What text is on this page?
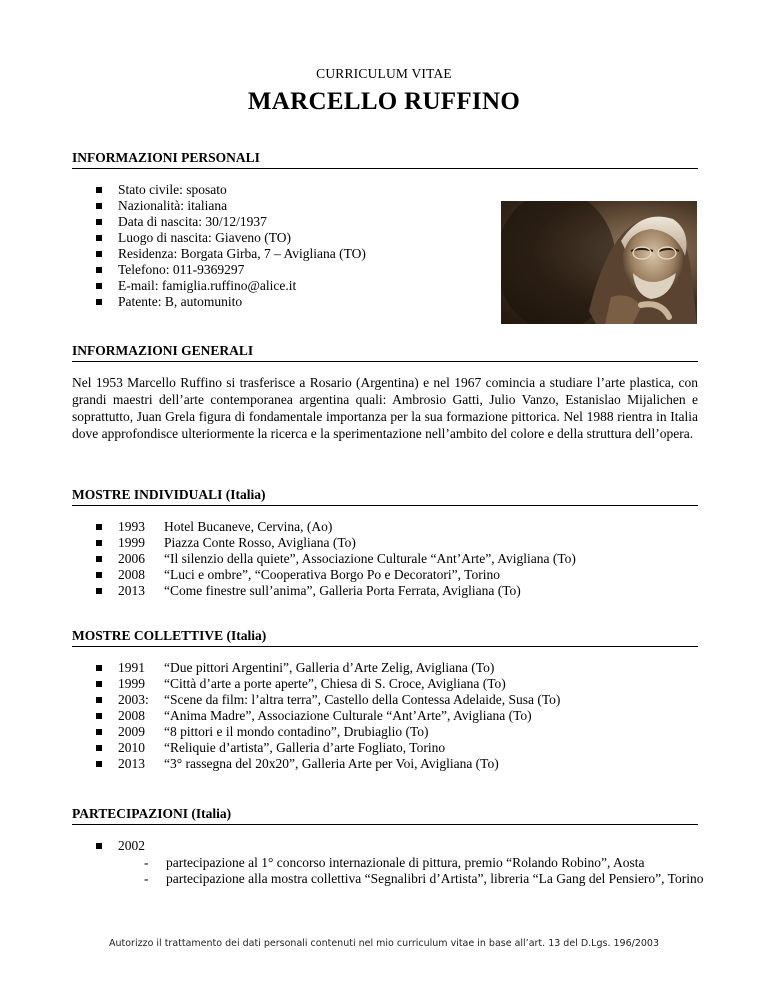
CURRICULUM VITAE
MARCELLO RUFFINO
INFORMAZIONI PERSONALI
Stato civile: sposato
Nazionalità: italiana
Data di nascita: 30/12/1937
Luogo di nascita: Giaveno (TO)
Residenza: Borgata Girba, 7 – Avigliana (TO)
Telefono: 011-9369297
E-mail: famiglia.ruffino@alice.it
Patente: B, automunito
INFORMAZIONI GENERALI

Nel 1953 Marcello Ruffino si trasferisce a Rosario (Argentina) e nel 1967 comincia a studiare l’arte plastica, con grandi maestri dell’arte contemporanea argentina quali: Ambrosio Gatti, Julio Vanzo, Estanislao Mijalichen e soprattutto, Juan Grela figura di fondamentale importanza per la sua formazione pittorica. Nel 1988 rientra in Italia dove approfondisce ulteriormente la ricerca e la sperimentazione nell’ambito del colore e della struttura dell’opera.

MOSTRE INDIVIDUALI (Italia)
1993 Hotel Bucaneve, Cervina, (Ao)
1999 Piazza Conte Rosso, Avigliana (To)
2006 “Il silenzio della quiete”, Associazione Culturale “Ant’Arte”, Avigliana (To)
2008 “Luci e ombre”, “Cooperativa Borgo Po e Decoratori”, Torino
2013 “Come finestre sull’anima”, Galleria Porta Ferrata, Avigliana (To)
MOSTRE COLLETTIVE (Italia)
1991 “Due pittori Argentini”, Galleria d’Arte Zelig, Avigliana (To)
1999 “Città d’arte a porte aperte”, Chiesa di S. Croce, Avigliana (To)
2003: “Scene da film: l’altra terra”, Castello della Contessa Adelaide, Susa (To)
2008 “Anima Madre”, Associazione Culturale “Ant’Arte”, Avigliana (To)
2009 “8 pittori e il mondo contadino”, Drubiaglio (To)
2010 “Reliquie d’artista”, Galleria d’arte Fogliato, Torino
2013 “3° rassegna del 20x20”, Galleria Arte per Voi, Avigliana (To)
PARTECIPAZIONI (Italia)
2002
- partecipazione al 1° concorso internazionale di pittura, premio “Rolando Robino”, Aosta
- partecipazione alla mostra collettiva “Segnalibri d’Artista”, libreria “La Gang del Pensiero”, Torino
Autorizzo il trattamento dei dati personali contenuti nel mio curriculum vitae in base all’art. 13 del D.Lgs. 196/2003
